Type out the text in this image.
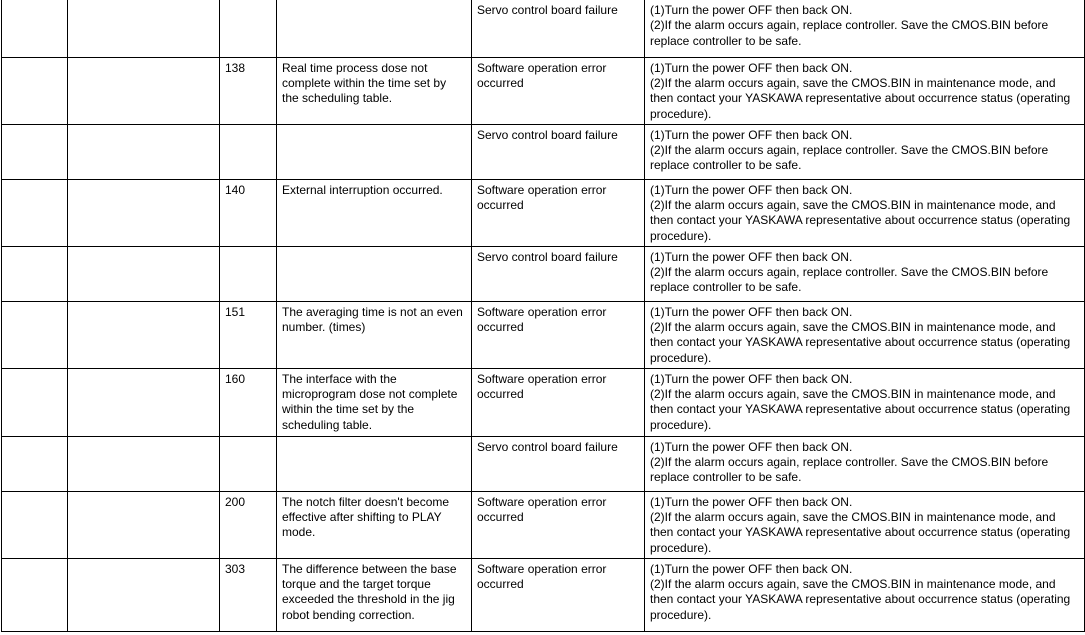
				Servo control board failure	(1)Turn the power OFF then back ON.
(2)If the alarm occurs again, replace controller. Save the CMOS.BIN before replace controller to be safe.

		138	Real time process dose not complete within the time set by the scheduling table.	Software operation error occurred	(1)Turn the power OFF then back ON.
(2)If the alarm occurs again, save the CMOS.BIN in maintenance mode, and then contact your YASKAWA representative about occurrence status (operating procedure).

				Servo control board failure	(1)Turn the power OFF then back ON.
(2)If the alarm occurs again, replace controller. Save the CMOS.BIN before replace controller to be safe.

		140	External interruption occurred.	Software operation error occurred	(1)Turn the power OFF then back ON.
(2)If the alarm occurs again, save the CMOS.BIN in maintenance mode, and then contact your YASKAWA representative about occurrence status (operating procedure).

				Servo control board failure	(1)Turn the power OFF then back ON.
(2)If the alarm occurs again, replace controller. Save the CMOS.BIN before replace controller to be safe.

		151	The averaging time is not an even number. (times)	Software operation error occurred	(1)Turn the power OFF then back ON.
(2)If the alarm occurs again, save the CMOS.BIN in maintenance mode, and then contact your YASKAWA representative about occurrence status (operating procedure).

		160	The interface with the microprogram dose not complete within the time set by the scheduling table.	Software operation error occurred	(1)Turn the power OFF then back ON.
(2)If the alarm occurs again, save the CMOS.BIN in maintenance mode, and then contact your YASKAWA representative about occurrence status (operating procedure).

				Servo control board failure	(1)Turn the power OFF then back ON.
(2)If the alarm occurs again, replace controller. Save the CMOS.BIN before replace controller to be safe.

		200	The notch filter doesn't become effective after shifting to PLAY mode.	Software operation error occurred	(1)Turn the power OFF then back ON.
(2)If the alarm occurs again, save the CMOS.BIN in maintenance mode, and then contact your YASKAWA representative about occurrence status (operating procedure).

		303	The difference between the base torque and the target torque exceeded the threshold in the jig robot bending correction.	Software operation error occurred	(1)Turn the power OFF then back ON.
(2)If the alarm occurs again, save the CMOS.BIN in maintenance mode, and then contact your YASKAWA representative about occurrence status (operating procedure).
